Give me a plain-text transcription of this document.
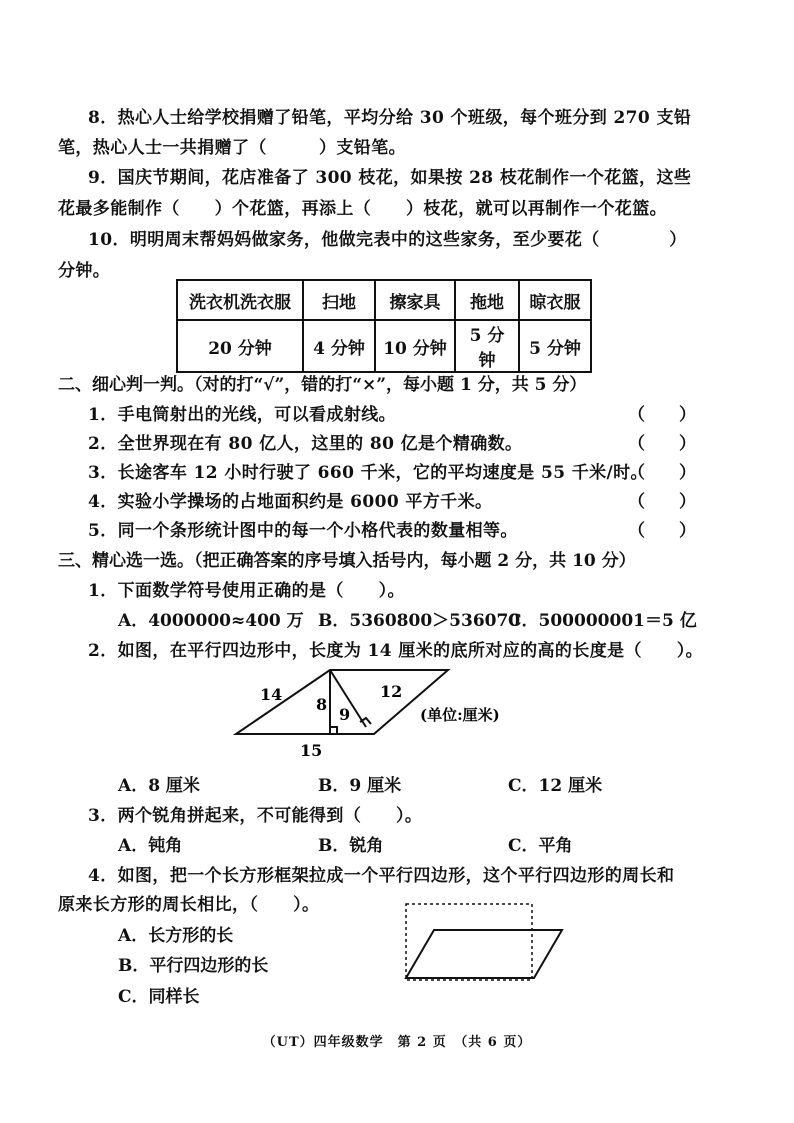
8．热心人士给学校捐赠了铅笔，平均分给 30 个班级，每个班分到 270 支铅
笔，热心人士一共捐赠了（　　　）支铅笔。
9．国庆节期间，花店准备了 300 枝花，如果按 28 枝花制作一个花篮，这些
花最多能制作（　　）个花篮，再添上（　　）枝花，就可以再制作一个花篮。
10．明明周末帮妈妈做家务，他做完表中的这些家务，至少要花（　　　　）
分钟。
洗衣机洗衣服	扫地	擦家具	拖地	晾衣服
20 分钟	4 分钟	10 分钟	5 分钟	5 分钟
二、细心判一判。（对的打“√”，错的打“×”，每小题 1 分，共 5 分）
1．手电筒射出的光线，可以看成射线。	（　　）
2．全世界现在有 80 亿人，这里的 80 亿是个精确数。	（　　）
3．长途客车 12 小时行驶了 660 千米，它的平均速度是 55 千米/时。
（　　）
4．实验小学操场的占地面积约是 6000 平方千米。	（　　）
5．同一个条形统计图中的每一个小格代表的数量相等。	（　　）
三、精心选一选。（把正确答案的序号填入括号内，每小题 2 分，共 10 分）
1．下面数学符号使用正确的是（　　）。
A．4000000≈400 万 B．5360800＞536070
C．500000001＝5 亿
2．如图，在平行四边形中，长度为 14 厘米的底所对应的高的长度是（　　）。
14
8
9
12
15
(单位:厘米)
A．8 厘米	B．9 厘米	C．12 厘米
3．两个锐角拼起来，不可能得到（　　）。
A．钝角	B．锐角	C．平角
4．如图，把一个长方形框架拉成一个平行四边形，这个平行四边形的周长和
原来长方形的周长相比，（　　）。
A．长方形的长
B．平行四边形的长
C．同样长
（UT）四年级数学　第 2 页　（共 6 页）
